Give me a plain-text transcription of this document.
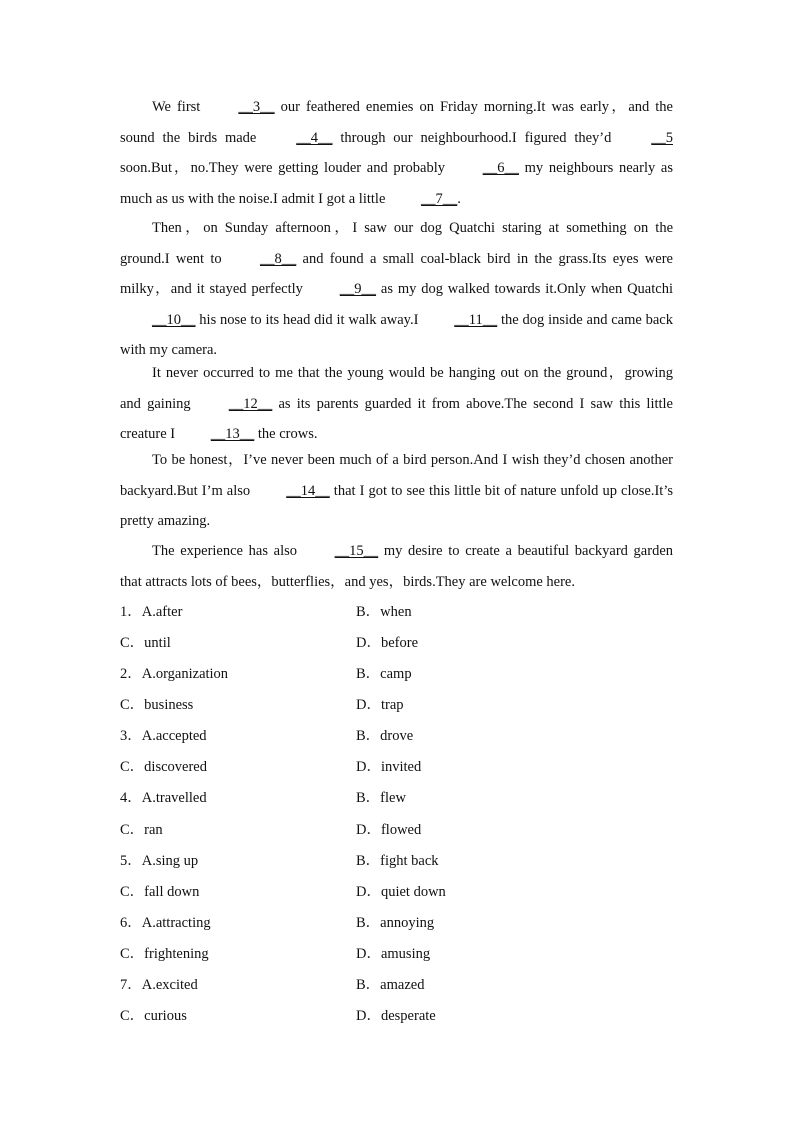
We first __3__ our feathered enemies on Friday morning.It was early，and the sound the birds made __4__ through our neighbourhood.I figured they’d __5 soon.But，no.They were getting louder and probably __6__ my neighbours nearly as much as us with the noise.I admit I got a little __7__.

Then，on Sunday afternoon，I saw our dog Quatchi staring at something on the ground.I went to __8__ and found a small coal-black bird in the grass.Its eyes were milky，and it stayed perfectly __9__ as my dog walked towards it.Only when Quatchi __10__ his nose to its head did it walk away.I __11__ the dog inside and came back with my camera.

It never occurred to me that the young would be hanging out on the ground，growing and gaining __12__ as its parents guarded it from above.The second I saw this little creature I __13__ the crows.

To be honest，I’ve never been much of a bird person.And I wish they’d chosen another backyard.But I’m also __14__ that I got to see this little bit of nature unfold up close.It’s pretty amazing.

The experience has also __15__ my desire to create a beautiful backyard garden that attracts lots of bees，butterflies，and yes，birds.They are welcome here.

1．A.after	B．when
C．until	D．before
2．A.organization	B．camp
C．business	D．trap
3．A.accepted	B．drove
C．discovered	D．invited
4．A.travelled	B．flew
C．ran	D．flowed
5．A.sing up	B．fight back
C．fall down	D．quiet down
6．A.attracting	B．annoying
C．frightening	D．amusing
7．A.excited	B．amazed
C．curious	D．desperate
